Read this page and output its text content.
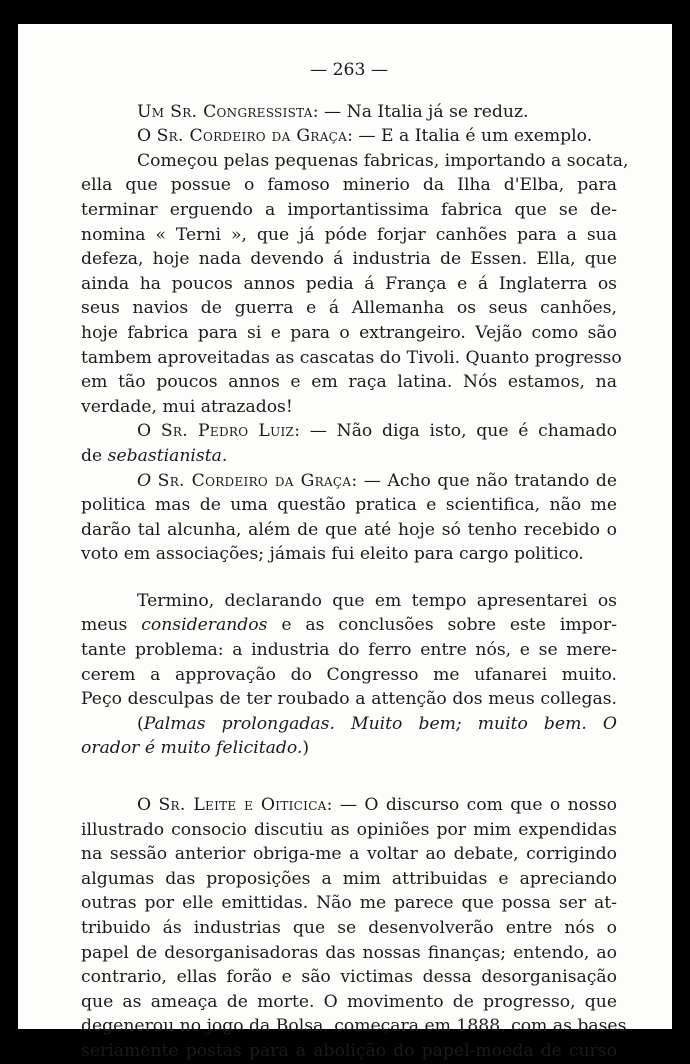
— 263 —

Um Sr. Congressista: — Na Italia já se reduz.

O Sr. Cordeiro da Graça: — E a Italia é um exemplo.

Começou pelas pequenas fabricas, importando a socata,
ella que possue o famoso minerio da Ilha d'Elba, para
terminar erguendo a importantissima fabrica que se de-
nomina « Terni », que já póde forjar canhões para a sua
defeza, hoje nada devendo á industria de Essen. Ella, que
ainda ha poucos annos pedia á França e á Inglaterra os
seus navios de guerra e á Allemanha os seus canhões,
hoje fabrica para si e para o extrangeiro. Vejão como são
tambem aproveitadas as cascatas do Tivoli. Quanto progresso
em tão poucos annos e em raça latina. Nós estamos, na
verdade, mui atrazados!

O Sr. Pedro Luiz: — Não diga isto, que é chamado
de sebastianista.

O Sr. Cordeiro da Graça: — Acho que não tratando de
politica mas de uma questão pratica e scientifica, não me
darão tal alcunha, além de que até hoje só tenho recebido o
voto em associações; jámais fui eleito para cargo politico.

Termino, declarando que em tempo apresentarei os
meus considerandos e as conclusões sobre este impor-
tante problema: a industria do ferro entre nós, e se mere-
cerem a approvação do Congresso me ufanarei muito.
Peço desculpas de ter roubado a attenção dos meus collegas.

(Palmas prolongadas. Muito bem; muito bem. O
orador é muito felicitado.)

O Sr. Leite e Oiticica: — O discurso com que o nosso
illustrado consocio discutiu as opiniões por mim expendidas
na sessão anterior obriga-me a voltar ao debate, corrigindo
algumas das proposições a mim attribuidas e apreciando
outras por elle emittidas. Não me parece que possa ser at-
tribuido ás industrias que se desenvolverão entre nós o
papel de desorganisadoras das nossas finanças; entendo, ao
contrario, ellas forão e são victimas dessa desorganisação
que as ameaça de morte. O movimento de progresso, que
degenerou no jogo da Bolsa, começara em 1888, com as bases
seriamente postas para a abolição do papel-moeda de curso
